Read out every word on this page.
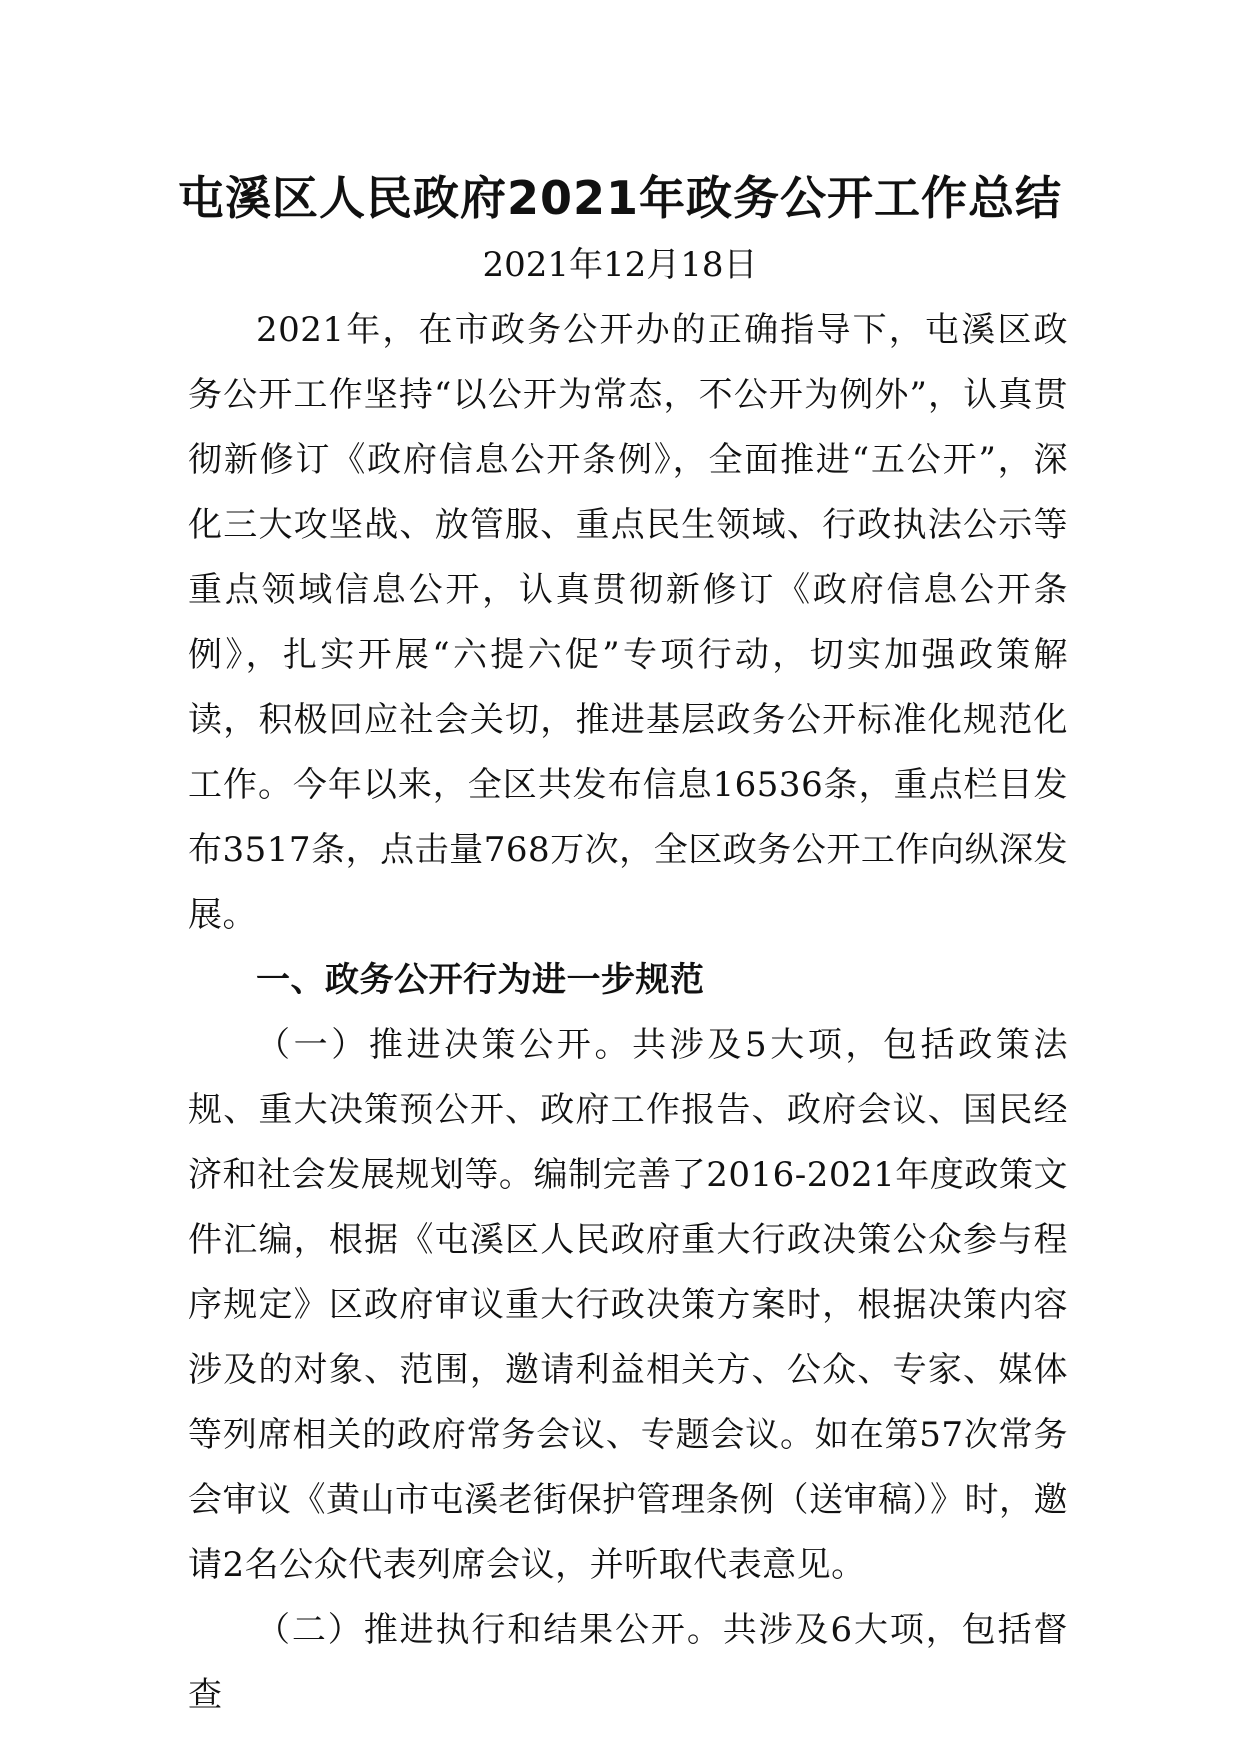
屯溪区人民政府2021年政务公开工作总结
2021年12月18日

2021年，在市政务公开办的正确指导下，屯溪区政务公开工作坚持“以公开为常态，不公开为例外”，认真贯彻新修订《政府信息公开条例》，全面推进“五公开”，深化三大攻坚战、放管服、重点民生领域、行政执法公示等重点领域信息公开，认真贯彻新修订《政府信息公开条例》，扎实开展“六提六促”专项行动，切实加强政策解读，积极回应社会关切，推进基层政务公开标准化规范化工作。今年以来，全区共发布信息16536条，重点栏目发布3517条，点击量768万次，全区政务公开工作向纵深发展。

一、政务公开行为进一步规范

（一）推进决策公开。共涉及5大项，包括政策法规、重大决策预公开、政府工作报告、政府会议、国民经济和社会发展规划等。编制完善了2016-2021年度政策文件汇编，根据《屯溪区人民政府重大行政决策公众参与程序规定》区政府审议重大行政决策方案时，根据决策内容涉及的对象、范围，邀请利益相关方、公众、专家、媒体等列席相关的政府常务会议、专题会议。如在第57次常务会审议《黄山市屯溪老街保护管理条例（送审稿）》时，邀请2名公众代表列席会议，并听取代表意见。

（二）推进执行和结果公开。共涉及6大项，包括督查
